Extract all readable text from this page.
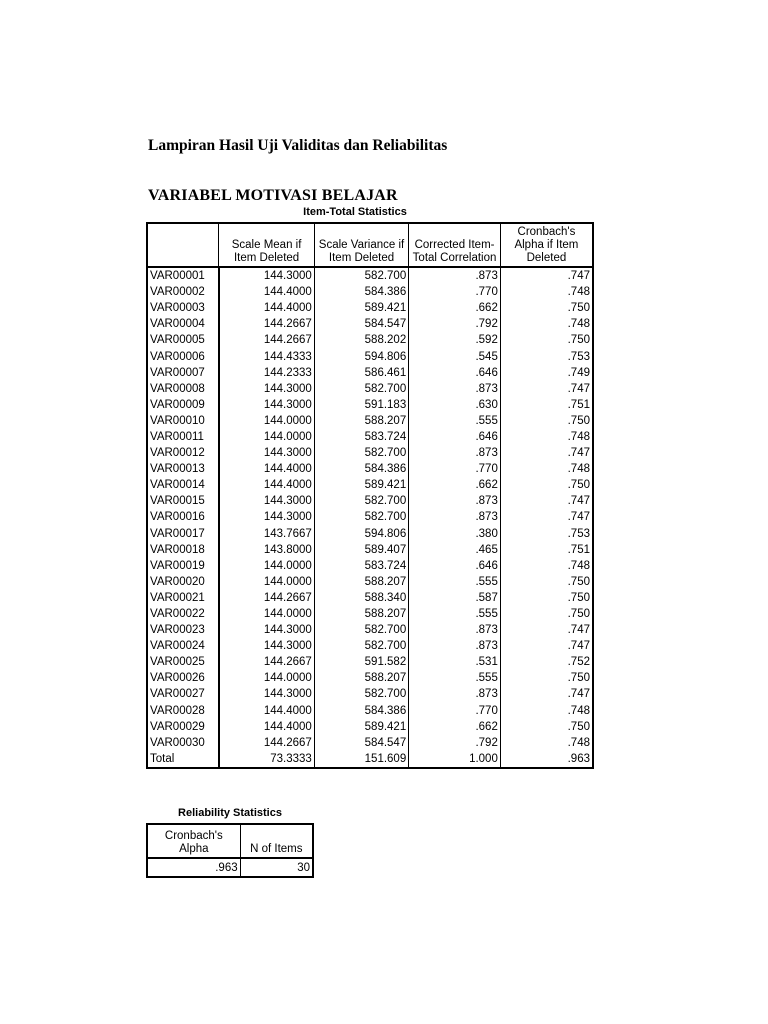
Lampiran Hasil Uji Validitas dan Reliabilitas
VARIABEL MOTIVASI BELAJAR
Item-Total Statistics
	Scale Mean if Item Deleted	Scale Variance if Item Deleted	Corrected Item-Total Correlation	Cronbach's Alpha if Item Deleted
VAR00001	144.3000	582.700	.873	.747
VAR00002	144.4000	584.386	.770	.748
VAR00003	144.4000	589.421	.662	.750
VAR00004	144.2667	584.547	.792	.748
VAR00005	144.2667	588.202	.592	.750
VAR00006	144.4333	594.806	.545	.753
VAR00007	144.2333	586.461	.646	.749
VAR00008	144.3000	582.700	.873	.747
VAR00009	144.3000	591.183	.630	.751
VAR00010	144.0000	588.207	.555	.750
VAR00011	144.0000	583.724	.646	.748
VAR00012	144.3000	582.700	.873	.747
VAR00013	144.4000	584.386	.770	.748
VAR00014	144.4000	589.421	.662	.750
VAR00015	144.3000	582.700	.873	.747
VAR00016	144.3000	582.700	.873	.747
VAR00017	143.7667	594.806	.380	.753
VAR00018	143.8000	589.407	.465	.751
VAR00019	144.0000	583.724	.646	.748
VAR00020	144.0000	588.207	.555	.750
VAR00021	144.2667	588.340	.587	.750
VAR00022	144.0000	588.207	.555	.750
VAR00023	144.3000	582.700	.873	.747
VAR00024	144.3000	582.700	.873	.747
VAR00025	144.2667	591.582	.531	.752
VAR00026	144.0000	588.207	.555	.750
VAR00027	144.3000	582.700	.873	.747
VAR00028	144.4000	584.386	.770	.748
VAR00029	144.4000	589.421	.662	.750
VAR00030	144.2667	584.547	.792	.748
Total	73.3333	151.609	1.000	.963
Reliability Statistics
Cronbach's Alpha	N of Items
.963	30
